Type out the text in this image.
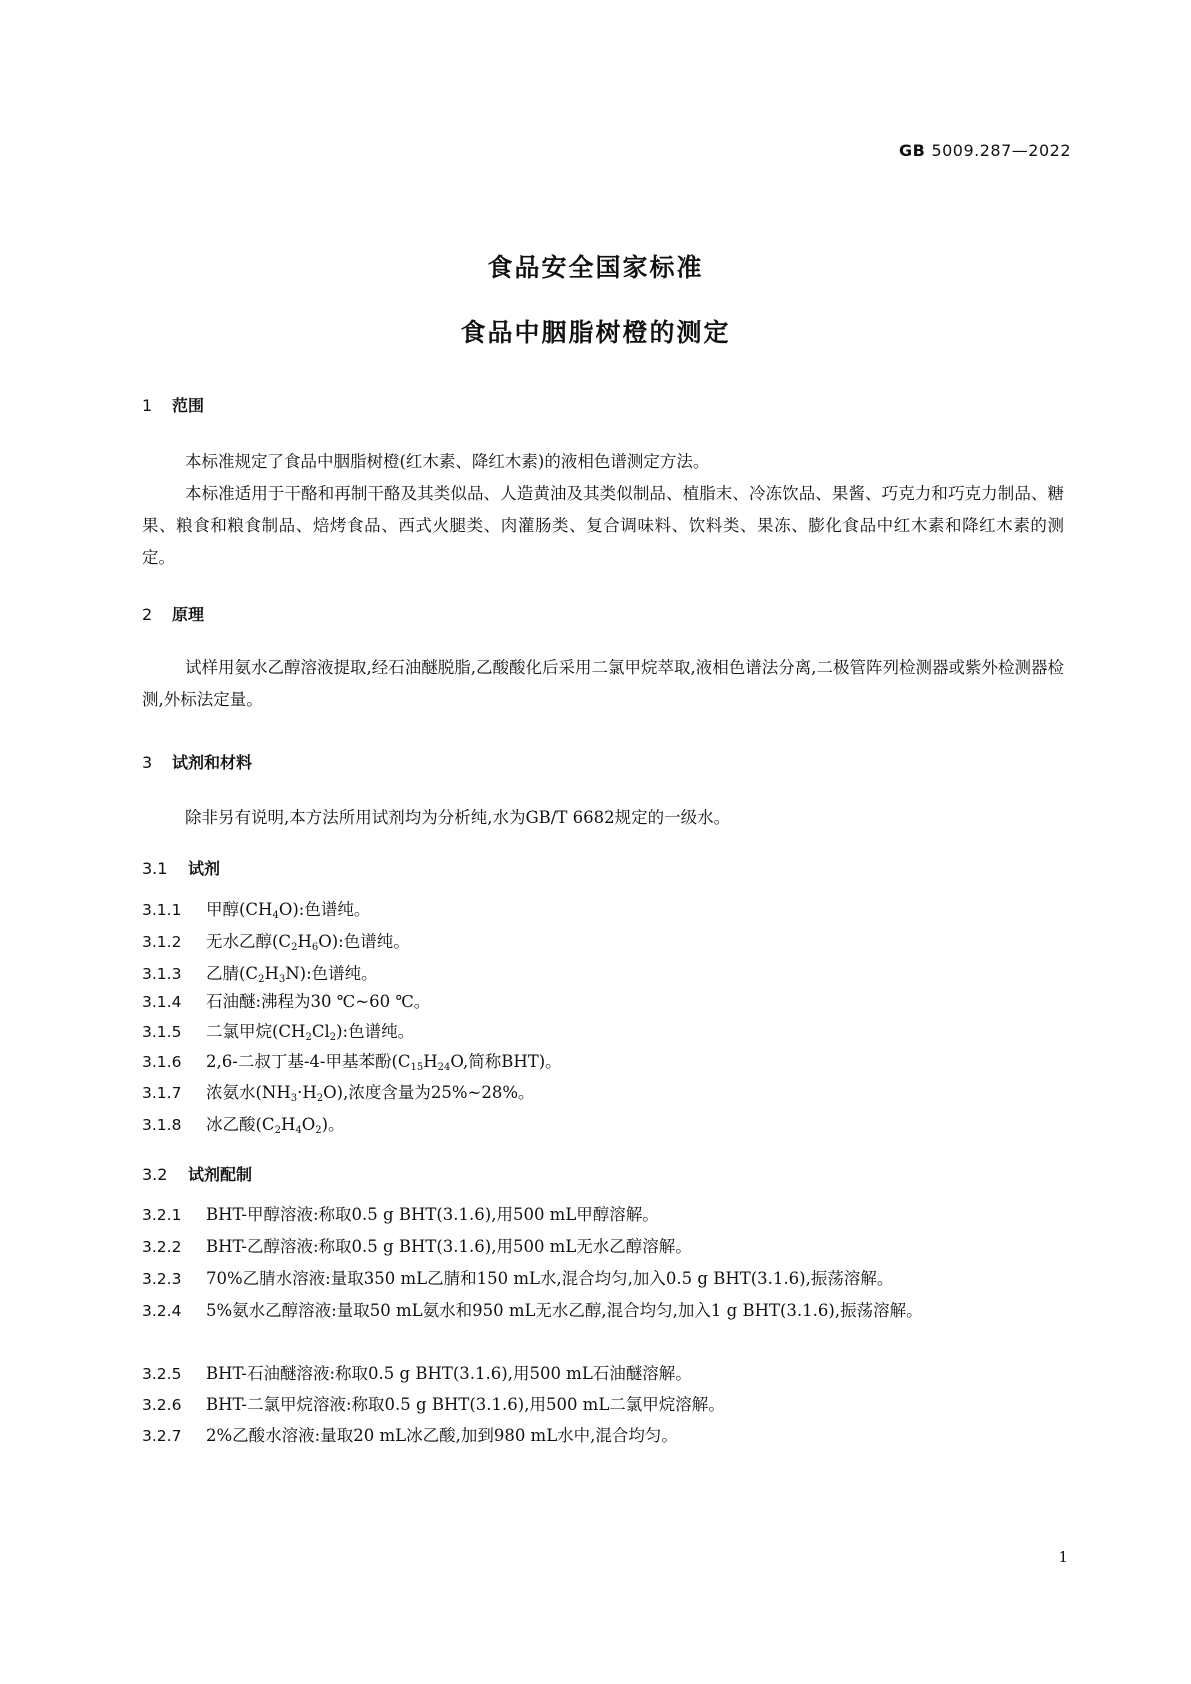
GB 5009.287—2022
食品安全国家标准
食品中胭脂树橙的测定
1 范围
本标准规定了食品中胭脂树橙(红木素、降红木素)的液相色谱测定方法。
本标准适用于干酪和再制干酪及其类似品、人造黄油及其类似制品、植脂末、冷冻饮品、果酱、巧克力和巧克力制品、糖果、粮食和粮食制品、焙烤食品、西式火腿类、肉灌肠类、复合调味料、饮料类、果冻、膨化食品中红木素和降红木素的测定。
2 原理
试样用氨水乙醇溶液提取,经石油醚脱脂,乙酸酸化后采用二氯甲烷萃取,液相色谱法分离,二极管阵列检测器或紫外检测器检测,外标法定量。
3 试剂和材料
除非另有说明,本方法所用试剂均为分析纯,水为GB/T 6682规定的一级水。
3.1 试剂
3.1.1 甲醇$(CH_4O)$:色谱纯。
3.1.2 无水乙醇$(C_2H_6O)$:色谱纯。
3.1.3 乙腈$(C_2H_3N)$:色谱纯。
3.1.4 石油醚:沸程为30 ℃~60 ℃。
3.1.5 二氯甲烷$(CH_2Cl_2)$:色谱纯。
3.1.6 2,6-二叔丁基-4-甲基苯酚($C_{15}H_{24}O$,简称BHT)。
3.1.7 浓氨水$(NH_3\cdot H_2O)$,浓度含量为25%~28%。
3.1.8 冰乙酸$(C_2H_4O_2)$。
3.2 试剂配制
3.2.1 BHT-甲醇溶液:称取0.5 g BHT(3.1.6),用500 mL甲醇溶解。
3.2.2 BHT-乙醇溶液:称取0.5 g BHT(3.1.6),用500 mL无水乙醇溶解。
3.2.3 70%乙腈水溶液:量取350 mL乙腈和150 mL水,混合均匀,加入0.5 g BHT(3.1.6),振荡溶解。
3.2.4 5%氨水乙醇溶液:量取50 mL氨水和950 mL无水乙醇,混合均匀,加入1 g BHT(3.1.6),振荡溶解。
3.2.5 BHT-石油醚溶液:称取0.5 g BHT(3.1.6),用500 mL石油醚溶解。
3.2.6 BHT-二氯甲烷溶液:称取0.5 g BHT(3.1.6),用500 mL二氯甲烷溶解。
3.2.7 2%乙酸水溶液:量取20 mL冰乙酸,加到980 mL水中,混合均匀。
1
